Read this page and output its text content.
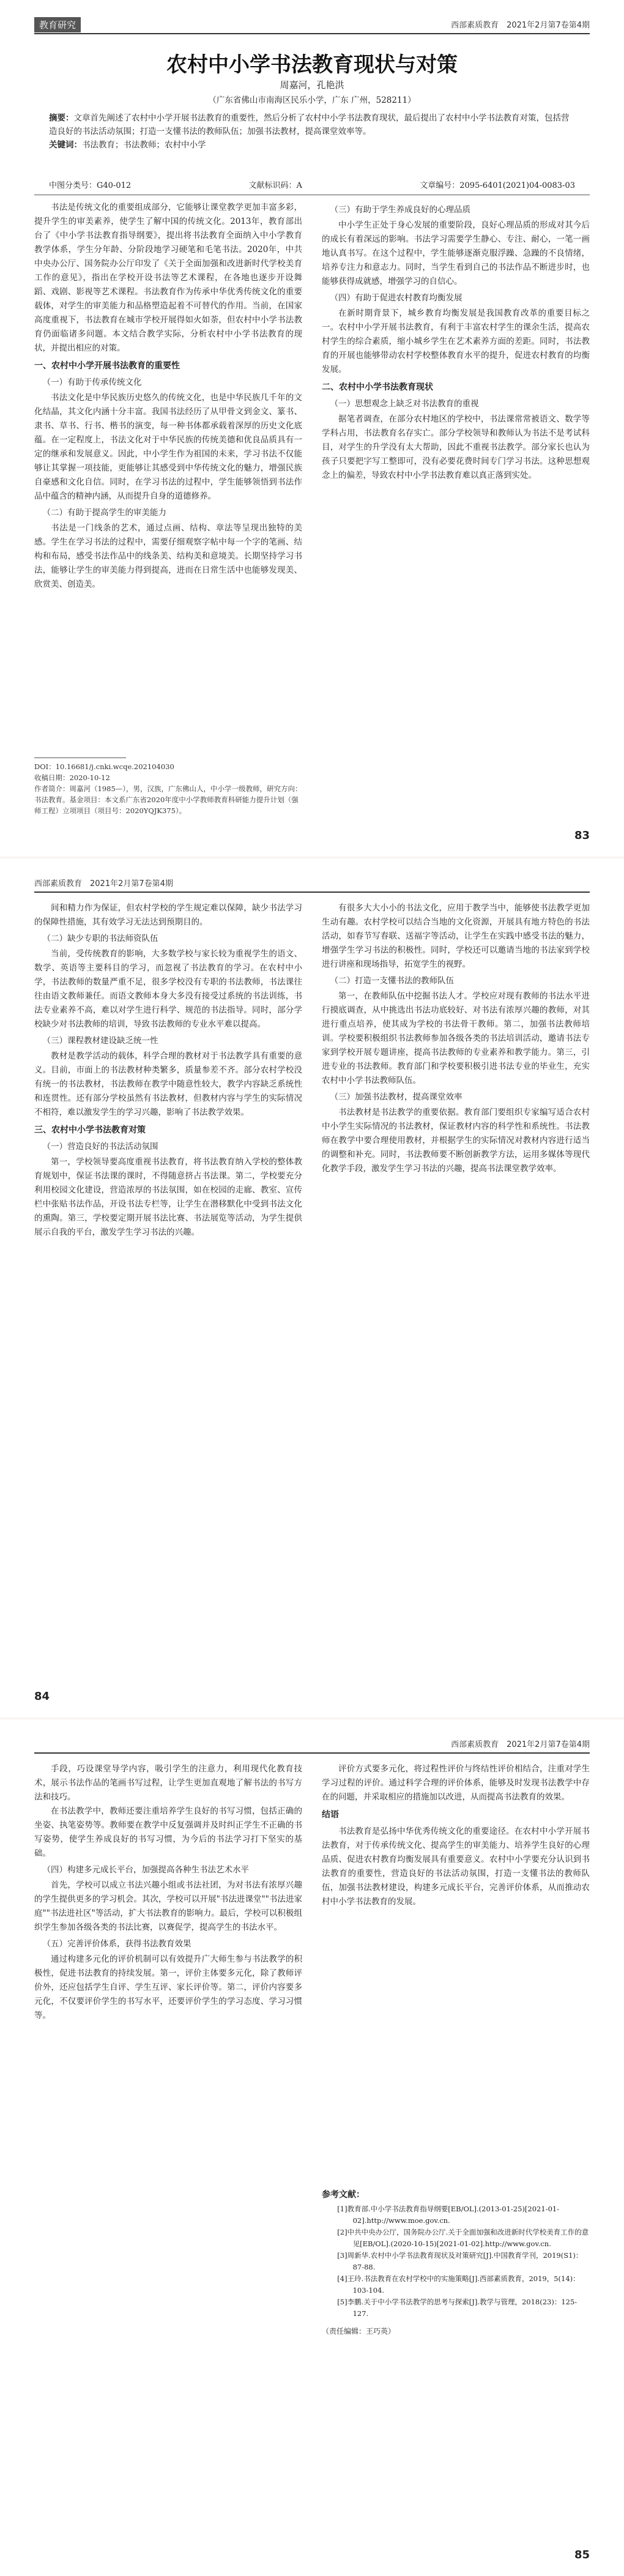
教育研究	西部素质教育　2021年2月第7卷第4期
农村中小学书法教育现状与对策
周嘉河，孔艳洪
（广东省佛山市南海区民乐小学，广东 广州，528211）
摘要：文章首先阐述了农村中小学开展书法教育的重要性，然后分析了农村中小学书法教育现状，最后提出了农村中小学书法教育对策，包括营造良好的书法活动氛围；打造一支懂书法的教师队伍；加强书法教材，提高课堂效率等。
关键词：书法教育；书法教师；农村中小学
中图分类号：G40-012	文献标识码：A	文章编号：2095-6401(2021)04-0083-03

书法是传统文化的重要组成部分，它能够让课堂教学更加丰富多彩，提升学生的审美素养，使学生了解中国的传统文化。2013年，教育部出台了《中小学书法教育指导纲要》，提出将书法教育全面纳入中小学教育教学体系，学生分年龄、分阶段地学习硬笔和毛笔书法。2020年，中共中央办公厅、国务院办公厅印发了《关于全面加强和改进新时代学校美育工作的意见》，指出在学校开设书法等艺术课程，在各地也逐步开设舞蹈、戏剧、影视等艺术课程。书法教育作为传承中华优秀传统文化的重要载体，对学生的审美能力和品格塑造起着不可替代的作用。当前，在国家高度重视下，书法教育在城市学校开展得如火如荼，但农村中小学书法教育仍面临诸多问题。本文结合教学实际，分析农村中小学书法教育的现状，并提出相应的对策。

一、农村中小学开展书法教育的重要性
（一）有助于传承传统文化

书法文化是中华民族历史悠久的传统文化，也是中华民族几千年的文化结晶，其文化内涵十分丰富。我国书法经历了从甲骨文到金文、篆书、隶书、草书、行书、楷书的演变，每一种书体都承载着深厚的历史文化底蕴。在一定程度上，书法文化对于中华民族的传统美德和优良品质具有一定的继承和发展意义。因此，中小学生作为祖国的未来，学习书法不仅能够让其掌握一项技能，更能够让其感受到中华传统文化的魅力，增强民族自豪感和文化自信。同时，在学习书法的过程中，学生能够领悟到书法作品中蕴含的精神内涵，从而提升自身的道德修养。

（二）有助于提高学生的审美能力

书法是一门线条的艺术，通过点画、结构、章法等呈现出独特的美感。学生在学习书法的过程中，需要仔细观察字帖中每一个字的笔画、结构和布局，感受书法作品中的线条美、结构美和意境美。长期坚持学习书法，能够让学生的审美能力得到提高，进而在日常生活中也能够发现美、欣赏美、创造美。

（三）有助于学生养成良好的心理品质

中小学生正处于身心发展的重要阶段，良好心理品质的形成对其今后的成长有着深远的影响。书法学习需要学生静心、专注、耐心，一笔一画地认真书写。在这个过程中，学生能够逐渐克服浮躁、急躁的不良情绪，培养专注力和意志力。同时，当学生看到自己的书法作品不断进步时，也能够获得成就感，增强学习的自信心。

（四）有助于促进农村教育均衡发展

在新时期背景下，城乡教育均衡发展是我国教育改革的重要目标之一。农村中小学开展书法教育，有利于丰富农村学生的课余生活，提高农村学生的综合素质，缩小城乡学生在艺术素养方面的差距。同时，书法教育的开展也能够带动农村学校整体教育水平的提升，促进农村教育的均衡发展。

二、农村中小学书法教育现状
（一）思想观念上缺乏对书法教育的重视

据笔者调查，在部分农村地区的学校中，书法课常常被语文、数学等学科占用，书法教育名存实亡。部分学校领导和教师认为书法不是考试科目，对学生的升学没有太大帮助，因此不重视书法教学。部分家长也认为孩子只要把字写工整即可，没有必要花费时间专门学习书法。这种思想观念上的偏差，导致农村中小学书法教育难以真正落到实处。

DOI：10.16681/j.cnki.wcqe.202104030
收稿日期：2020-10-12
作者简介：周嘉河（1985—），男，汉族，广东佛山人，中小学一级教师，研究方向：书法教育。基金项目：本文系广东省2020年度中小学教师教育科研能力提升计划（强师工程）立项项目（项目号：2020YQJK375）。
83
西部素质教育　2021年2月第7卷第4期

间和精力作为保证，但农村学校的学生规定难以保障，缺少书法学习的保障性措施，其有效学习无法达到预期目的。

（二）缺少专职的书法师资队伍

当前，受传统教育的影响，大多数学校与家长较为重视学生的语文、数学、英语等主要科目的学习，而忽视了书法教育的学习。在农村中小学，书法教师的数量严重不足，很多学校没有专职的书法教师，书法课往往由语文教师兼任。而语文教师本身大多没有接受过系统的书法训练，书法专业素养不高，难以对学生进行科学、规范的书法指导。同时，部分学校缺少对书法教师的培训，导致书法教师的专业水平难以提高。

（三）课程教材建设缺乏统一性

教材是教学活动的载体，科学合理的教材对于书法教学具有重要的意义。目前，市面上的书法教材种类繁多，质量参差不齐。部分农村学校没有统一的书法教材，书法教师在教学中随意性较大，教学内容缺乏系统性和连贯性。还有部分学校虽然有书法教材，但教材内容与学生的实际情况不相符，难以激发学生的学习兴趣，影响了书法教学效果。

三、农村中小学书法教育对策
（一）营造良好的书法活动氛围

第一，学校领导要高度重视书法教育，将书法教育纳入学校的整体教育规划中，保证书法课的课时，不得随意挤占书法课。第二，学校要充分利用校园文化建设，营造浓厚的书法氛围，如在校园的走廊、教室、宣传栏中张贴书法作品，开设书法专栏等，让学生在潜移默化中受到书法文化的熏陶。第三，学校要定期开展书法比赛、书法展览等活动，为学生提供展示自我的平台，激发学生学习书法的兴趣。

有很多大大小小的书法文化，应用于教学当中，能够使书法教学更加生动有趣。农村学校可以结合当地的文化资源，开展具有地方特色的书法活动，如春节写春联、送福字等活动，让学生在实践中感受书法的魅力，增强学生学习书法的积极性。同时，学校还可以邀请当地的书法家到学校进行讲座和现场指导，拓宽学生的视野。

（二）打造一支懂书法的教师队伍

第一，在教师队伍中挖掘书法人才。学校应对现有教师的书法水平进行摸底调查，从中挑选出书法功底较好、对书法有浓厚兴趣的教师，对其进行重点培养，使其成为学校的书法骨干教师。第二，加强书法教师培训。学校要积极组织书法教师参加各级各类的书法培训活动，邀请书法专家到学校开展专题讲座，提高书法教师的专业素养和教学能力。第三，引进专业的书法教师。教育部门和学校要积极引进书法专业的毕业生，充实农村中小学书法教师队伍。

（三）加强书法教材，提高课堂效率

书法教材是书法教学的重要依据。教育部门要组织专家编写适合农村中小学生实际情况的书法教材，保证教材内容的科学性和系统性。书法教师在教学中要合理使用教材，并根据学生的实际情况对教材内容进行适当的调整和补充。同时，书法教师要不断创新教学方法，运用多媒体等现代化教学手段，激发学生学习书法的兴趣，提高书法课堂教学效率。

84
西部素质教育　2021年2月第7卷第4期

手段，巧设课堂导学内容，吸引学生的注意力，利用现代化教育技术，展示书法作品的笔画书写过程，让学生更加直观地了解书法的书写方法和技巧。

在书法教学中，教师还要注重培养学生良好的书写习惯，包括正确的坐姿、执笔姿势等。教师要在教学中反复强调并及时纠正学生不正确的书写姿势，使学生养成良好的书写习惯，为今后的书法学习打下坚实的基础。

（四）构建多元成长平台，加强提高各种生书法艺术水平

首先，学校可以成立书法兴趣小组或书法社团，为对书法有浓厚兴趣的学生提供更多的学习机会。其次，学校可以开展"书法进课堂""书法进家庭""书法进社区"等活动，扩大书法教育的影响力。最后，学校可以积极组织学生参加各级各类的书法比赛，以赛促学，提高学生的书法水平。

（五）完善评价体系，获得书法教育效果

通过构建多元化的评价机制可以有效提升广大师生参与书法教学的积极性，促进书法教育的持续发展。第一，评价主体要多元化，除了教师评价外，还应包括学生自评、学生互评、家长评价等。第二，评价内容要多元化，不仅要评价学生的书写水平，还要评价学生的学习态度、学习习惯等。

评价方式要多元化，将过程性评价与终结性评价相结合，注重对学生学习过程的评价。通过科学合理的评价体系，能够及时发现书法教学中存在的问题，并采取相应的措施加以改进，从而提高书法教育的效果。

结语

书法教育是弘扬中华优秀传统文化的重要途径。在农村中小学开展书法教育，对于传承传统文化、提高学生的审美能力、培养学生良好的心理品质、促进农村教育均衡发展具有重要意义。农村中小学要充分认识到书法教育的重要性，营造良好的书法活动氛围，打造一支懂书法的教师队伍，加强书法教材建设，构建多元成长平台，完善评价体系，从而推动农村中小学书法教育的发展。

参考文献：
[1]教育部.中小学书法教育指导纲要[EB/OL].(2013-01-25)[2021-01-02].http://www.moe.gov.cn.
[2]中共中央办公厅，国务院办公厅.关于全面加强和改进新时代学校美育工作的意见[EB/OL].(2020-10-15)[2021-01-02].http://www.gov.cn.
[3]周新华.农村中小学书法教育现状及对策研究[J].中国教育学刊，2019(S1)：87-88.
[4]王玲.书法教育在农村学校中的实施策略[J].西部素质教育，2019，5(14)：103-104.
[5]李鹏.关于中小学书法教学的思考与探索[J].教学与管理，2018(23)：125-127.
（责任编辑：王巧英）
85
